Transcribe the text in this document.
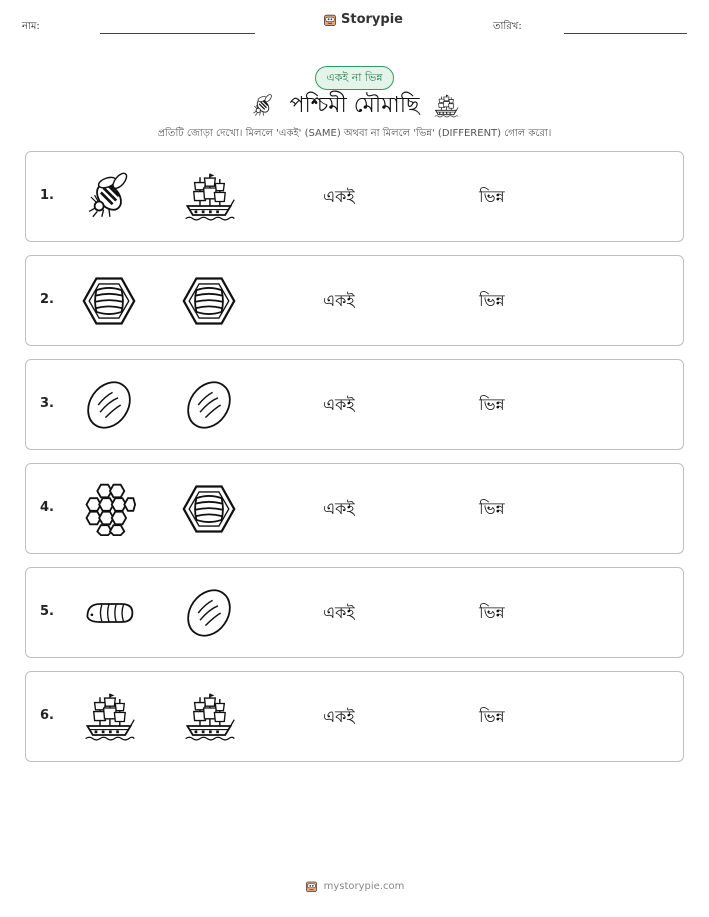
নাম:	Storypie	তারিখ:
একই না ভিন্ন
পশ্চিমী মৌমাছি
প্রতিটি জোড়া দেখো। মিললে 'একই' (SAME) অথবা না মিললে 'ভিন্ন' (DIFFERENT) গোল করো।
1.	একই	ভিন্ন
2.	একই	ভিন্ন
3.	একই	ভিন্ন
4.	একই	ভিন্ন
5.	একই	ভিন্ন
6.	একই	ভিন্ন
mystorypie.com
